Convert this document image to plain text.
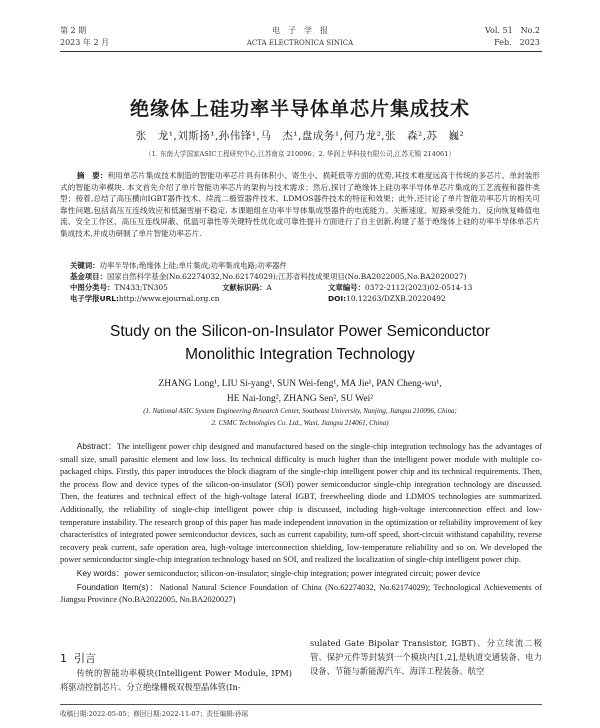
第 2 期
2023 年 2 月
电　子　学　报
ACTA ELECTRONICA SINICA
Vol. 51　No.2
Feb.　2023
绝缘体上硅功率半导体单芯片集成技术
张　龙¹,刘斯扬¹,孙伟锋¹,马　杰¹,盘成务¹,何乃龙²,张　森²,苏　巍²
（1. 东南大学国家ASIC工程研究中心,江苏南京 210096；2. 华润上华科技有限公司,江苏无锡 214061）

摘　要：利用单芯片集成技术制造的智能功率芯片具有体积小、寄生小、损耗低等方面的优势,其技术难度远高于传统的多芯片、单封装形式的智能功率模块. 本文首先介绍了单片智能功率芯片的架构与技术需求；然后,探讨了绝缘体上硅功率半导体单芯片集成的工艺流程和器件类型；接着,总结了高压横向IGBT器件技术、续流二极管器件技术、LDMOS器件技术的特征和效果；此外,还讨论了单片智能功率芯片的相关可靠性问题,包括高压互连线效应和低漏雪崩不稳定. 本课题组在功率半导体集成型器件的电流能力、关断速度、短路承受能力、反向恢复峰值电流、安全工作区、高压互连线屏蔽、低温可靠性等关键特性优化或可靠性提升方面进行了自主创新,构建了基于绝缘体上硅的功率半导体单芯片集成技术,并成功研制了单片智能功率芯片.

关键词：功率半导体;绝缘体上硅;单片集成;功率集成电路;功率器件
基金项目：国家自然科学基金(No.62274032,No.62174029);江苏省科技成果项目(No.BA2022005,No.BA2020027)
中图分类号：TN433;TN305	文献标识码：A	文章编号：0372-2112(2023)02-0514-13
电子学报URL:http://www.ejournal.org.cn	DOI:10.12263/DZXB.20220492
Study on the Silicon-on-Insulator Power Semiconductor
Monolithic Integration Technology
ZHANG Long¹, LIU Si-yang¹, SUN Wei-feng¹, MA Jie¹, PAN Cheng-wu¹,
HE Nai-long², ZHANG Sen², SU Wei²
(1. National ASIC System Engineering Research Center, Southeast University, Nanjing, Jiangsu 210096, China;
2. CSMC Technologies Co. Ltd., Wuxi, Jiangsu 214061, China)

Abstract：The intelligent power chip designed and manufactured based on the single-chip integration technology has the advantages of small size, small parasitic element and low loss. Its technical difficulty is much higher than the intelligent power module with multiple co-packaged chips. Firstly, this paper introduces the block diagram of the single-chip intelligent power chip and its technical requirements. Then, the process flow and device types of the silicon-on-insulator (SOI) power semiconductor single-chip integration technology are discussed. Then, the features and technical effect of the high-voltage lateral IGBT, freewheeling diode and LDMOS technologies are summarized. Additionally, the reliability of single-chip intelligent power chip is discussed, including high-voltage interconnection effect and low-temperature instability. The research group of this paper has made independent innovation in the optimization or reliability improvement of key characteristics of integrated power semiconductor devices, such as current capability, turn-off speed, short-circuit withstand capability, reverse recovery peak current, safe operation area, high-voltage interconnection shielding, low-temperature reliability and so on. We developed the power semiconductor single-chip integration technology based on SOI, and realized the localization of single-chip intelligent power chip.

Key words：power semiconductor; silicon-on-insulator; single-chip integration; power integrated circuit; power device

Foundation Item(s)：National Natural Science Foundation of China (No.62274032, No.62174029); Technological Achievements of Jiangsu Province (No.BA2022005, No.BA2020027)

1 引言

传统的智能功率模块(Intelligent Power Module, IPM)将驱动控制芯片、分立绝缘栅极双极型晶体管(In-

sulated Gate Bipolar Transistor, IGBT)、分立续流二极管、保护元件等封装到一个模块内[1,2],是轨道交通装备、电力设备、节能与新能源汽车、海洋工程装备、航空

收稿日期:2022-05-05；修回日期:2022-11-07；责任编辑:孙瑶
